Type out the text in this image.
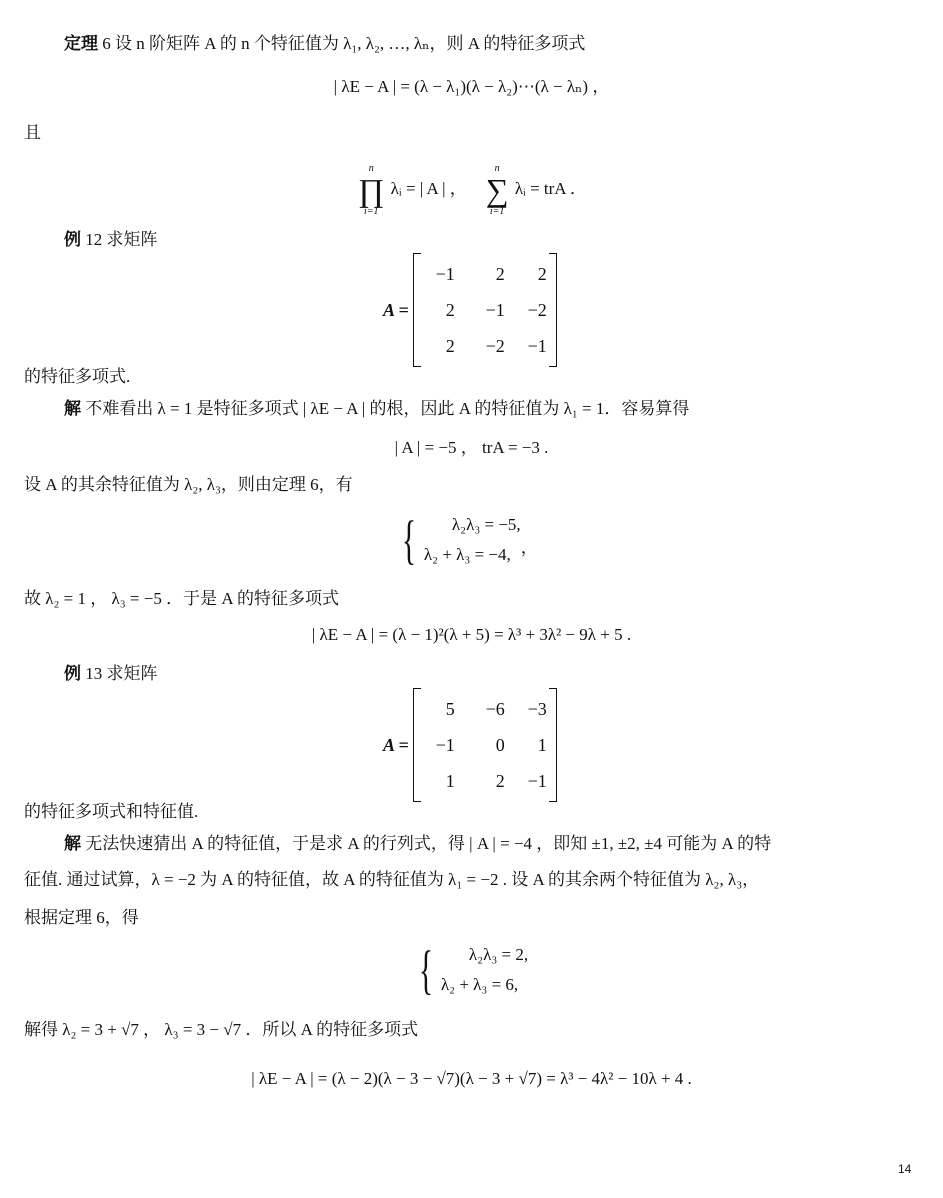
定理 6 设 n 阶矩阵 A 的 n 个特征值为 λ₁, λ₂, …, λₙ，则 A 的特征多项式
| λE − A | = (λ − λ₁)(λ − λ₂)⋯(λ − λₙ) ，
且
n
∏
i=1
λᵢ = | A | ，
n
∑
i=1
λᵢ = trA ．
例 12 求矩阵
A =
−1	2	2
2	−1	−2
2	−2	−1
的特征多项式.
解 不难看出 λ = 1 是特征多项式 | λE − A | 的根，因此 A 的特征值为 λ₁ = 1．容易算得
| A | = −5 ， trA = −3 .
设 A 的其余特征值为 λ₂, λ₃，则由定理 6，有
{	λ₂λ₃ = −5,
λ₂ + λ₃ = −4, ，
故 λ₂ = 1 ， λ₃ = −5 ．于是 A 的特征多项式
| λE − A | = (λ − 1)²(λ + 5) = λ³ + 3λ² − 9λ + 5 .
例 13 求矩阵
A =
5	−6	−3
−1	0	1
1	2	−1
的特征多项式和特征值.
解 无法快速猜出 A 的特征值，于是求 A 的行列式，得 | A | = −4 ，即知 ±1, ±2, ±4 可能为 A 的特
征值. 通过试算，λ = −2 为 A 的特征值，故 A 的特征值为 λ₁ = −2 . 设 A 的其余两个特征值为 λ₂, λ₃，
根据定理 6，得
{	λ₂λ₃ = 2,
λ₂ + λ₃ = 6,
解得 λ₂ = 3 + √7 ， λ₃ = 3 − √7 ．所以 A 的特征多项式
| λE − A | = (λ − 2)(λ − 3 − √7)(λ − 3 + √7) = λ³ − 4λ² − 10λ + 4 .
14
